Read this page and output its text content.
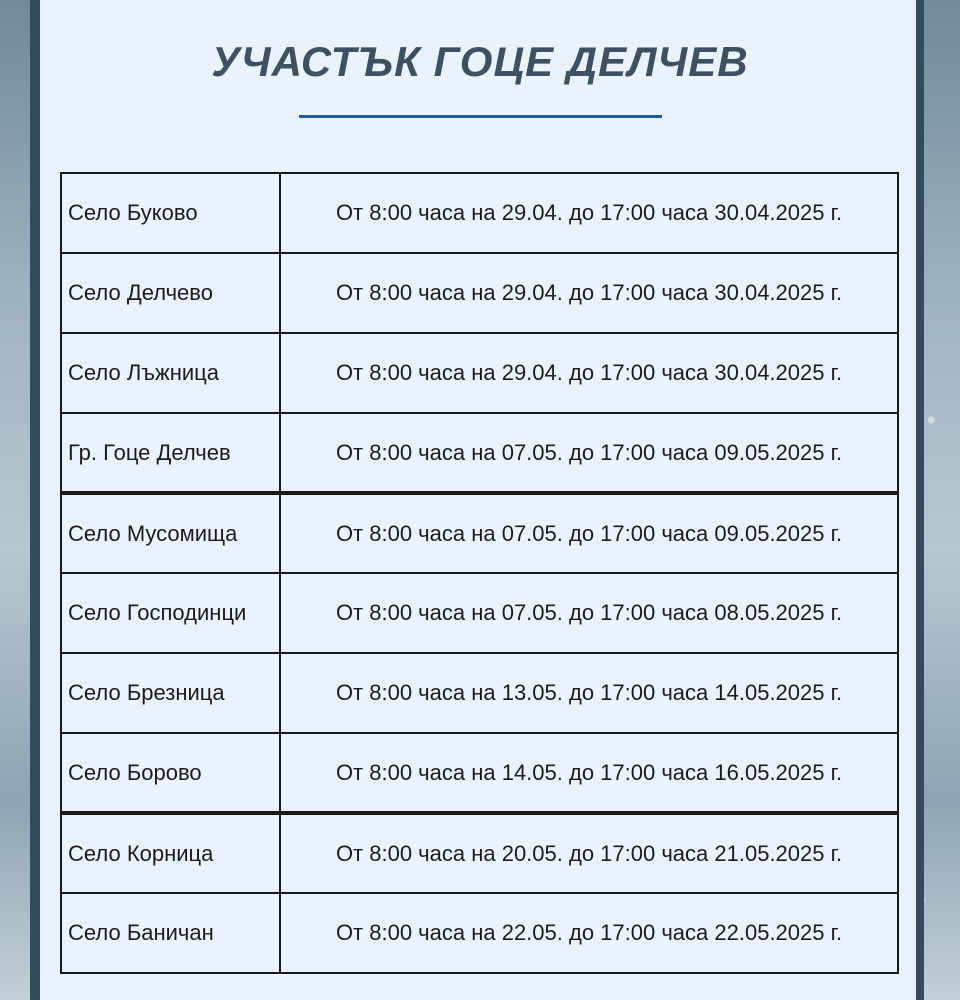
УЧАСТЪК ГОЦЕ ДЕЛЧЕВ
Село Буково	От 8:00 часа на 29.04. до 17:00 часа 30.04.2025 г.
Село Делчево	От 8:00 часа на 29.04. до 17:00 часа 30.04.2025 г.
Село Лъжница	От 8:00 часа на 29.04. до 17:00 часа 30.04.2025 г.
Гр. Гоце Делчев	От 8:00 часа на 07.05. до 17:00 часа 09.05.2025 г.
Село Мусомища	От 8:00 часа на 07.05. до 17:00 часа 09.05.2025 г.
Село Господинци	От 8:00 часа на 07.05. до 17:00 часа 08.05.2025 г.
Село Брезница	От 8:00 часа на 13.05. до 17:00 часа 14.05.2025 г.
Село Борово	От 8:00 часа на 14.05. до 17:00 часа 16.05.2025 г.
Село Корница	От 8:00 часа на 20.05. до 17:00 часа 21.05.2025 г.
Село Баничан	От 8:00 часа на 22.05. до 17:00 часа 22.05.2025 г.
